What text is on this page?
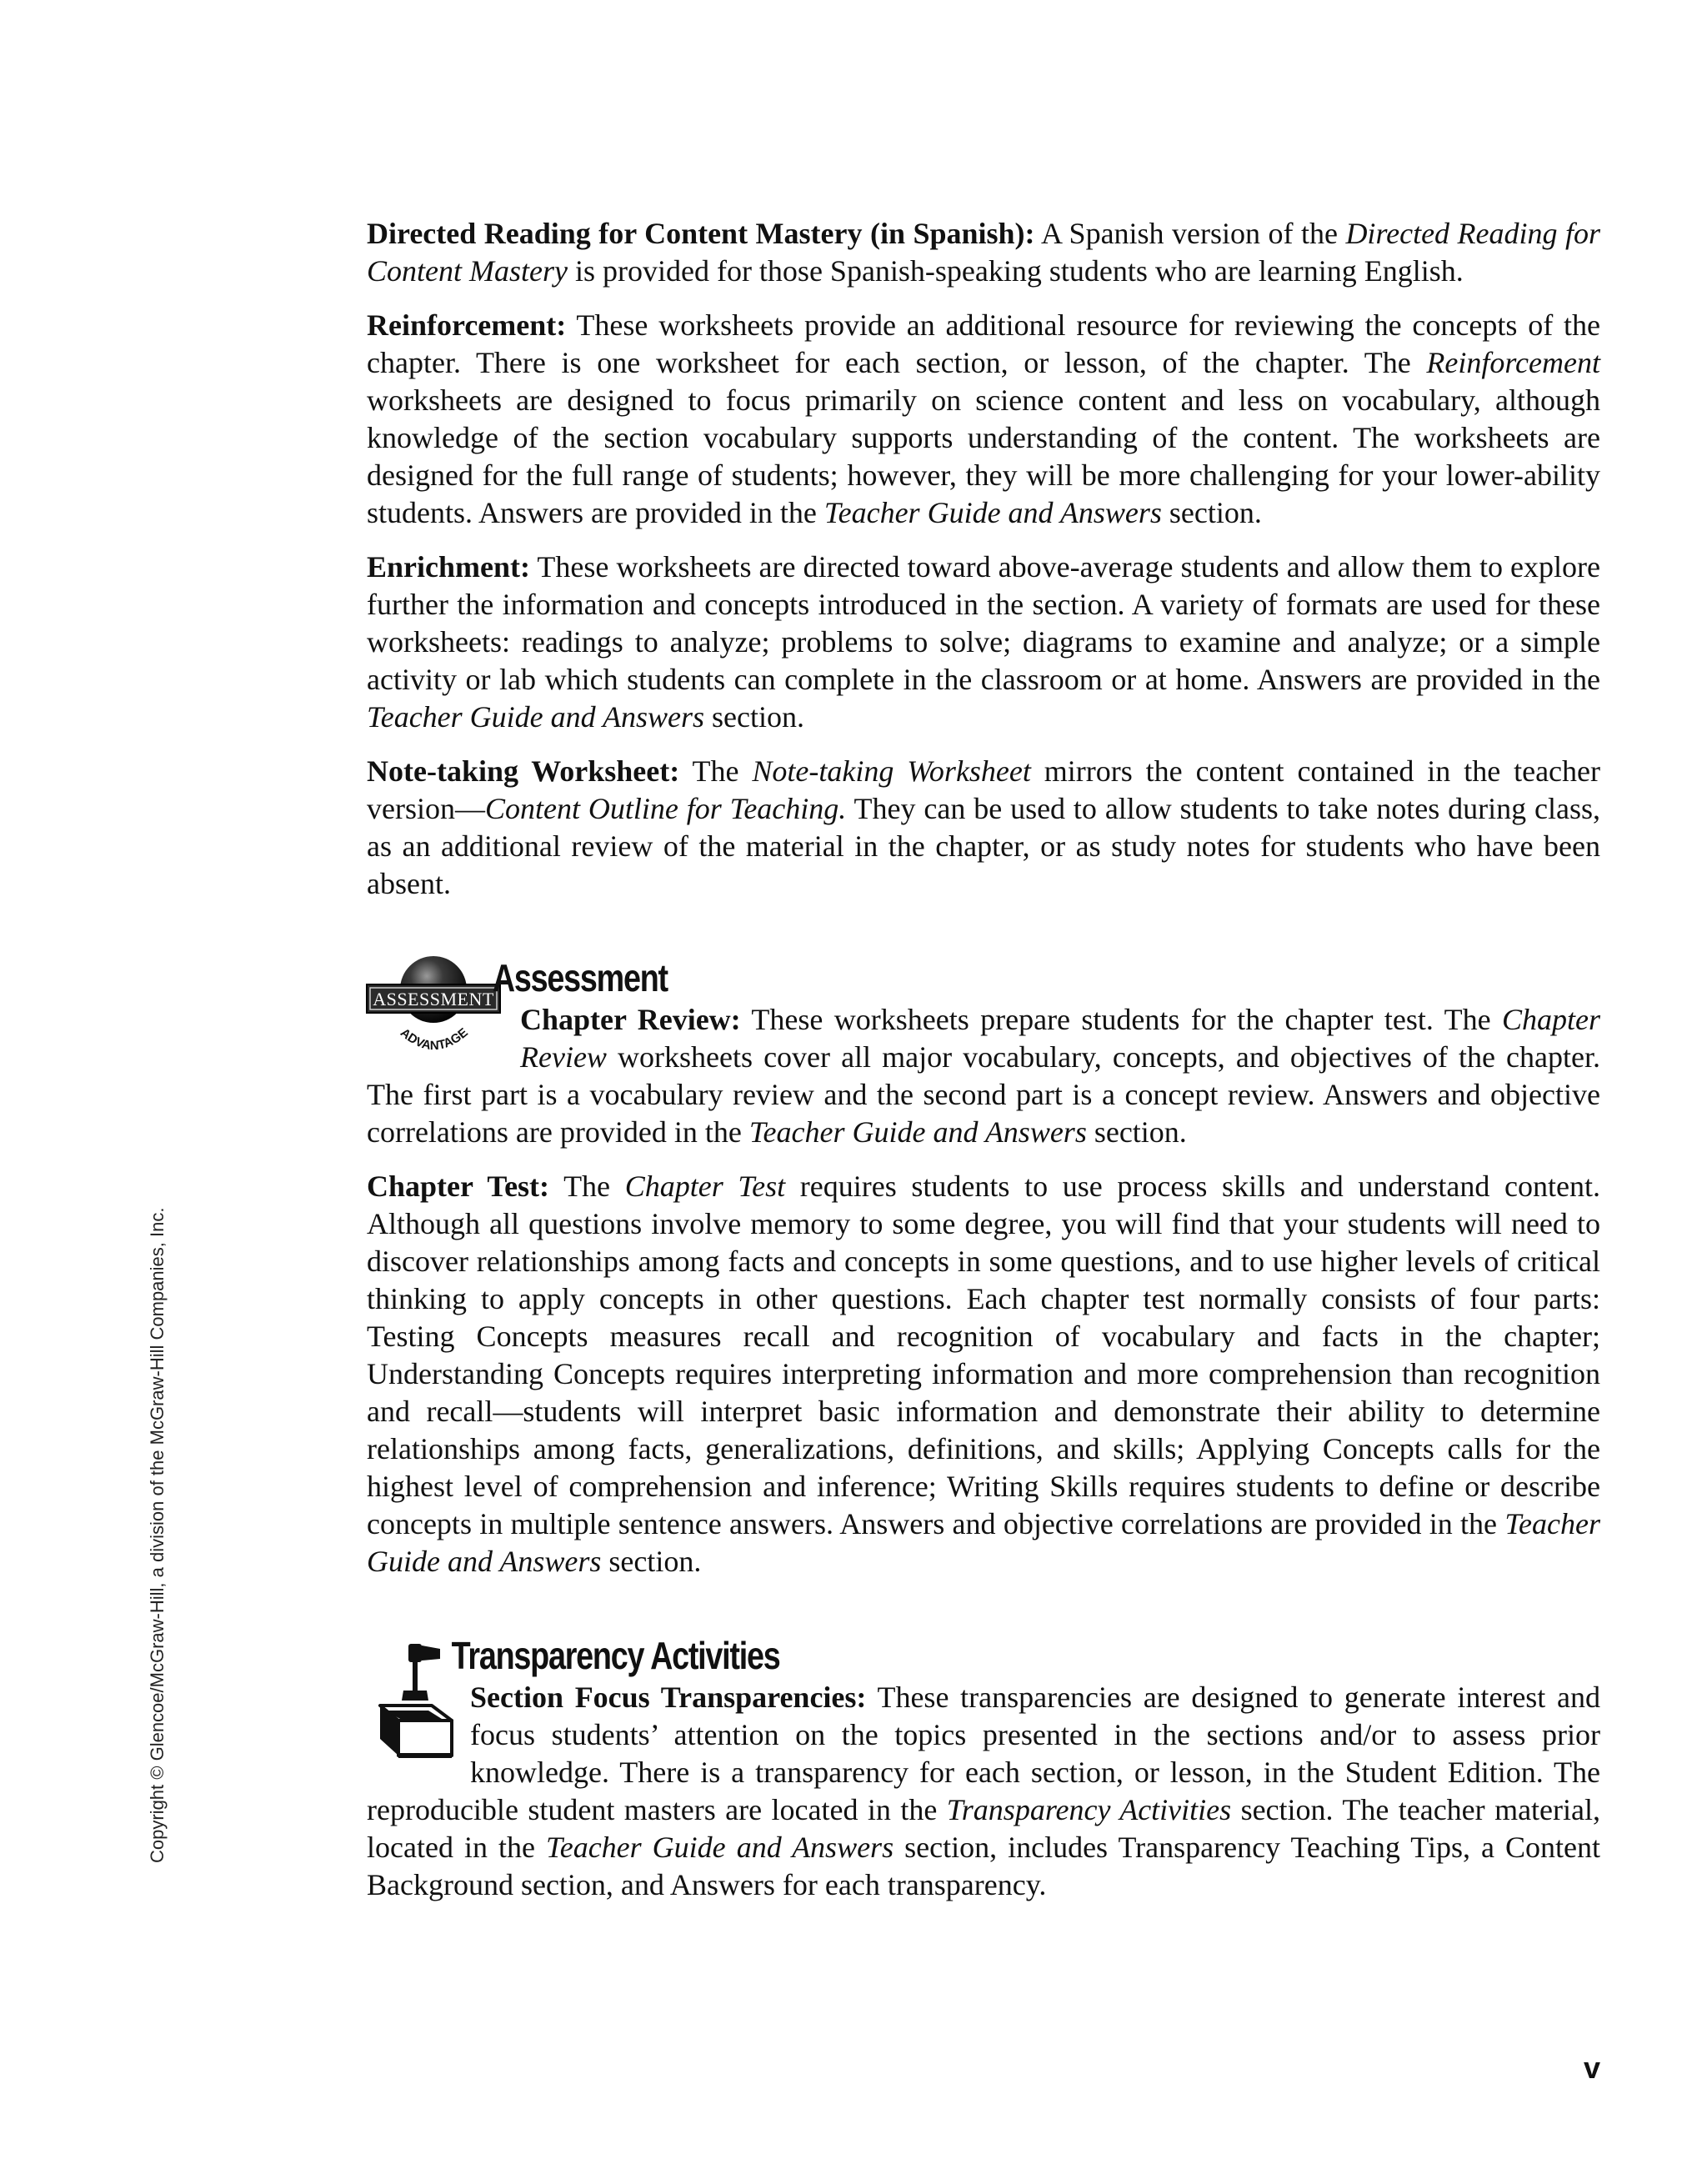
Directed Reading for Content Mastery (in Spanish): A Spanish version of the Directed Reading for Content Mastery is provided for those Spanish-speaking students who are learning English.

Reinforcement: These worksheets provide an additional resource for reviewing the concepts of the chapter. There is one worksheet for each section, or lesson, of the chapter. The Reinforcement worksheets are designed to focus primarily on science content and less on vocabulary, although knowledge of the section vocabulary supports understanding of the content. The worksheets are designed for the full range of students; however, they will be more challenging for your lower-ability students. Answers are provided in the Teacher Guide and Answers section.

Enrichment: These worksheets are directed toward above-average students and allow them to explore further the information and concepts introduced in the section. A variety of formats are used for these worksheets: readings to analyze; problems to solve; diagrams to examine and analyze; or a simple activity or lab which students can complete in the classroom or at home. Answers are provided in the Teacher Guide and Answers section.

Note-taking Worksheet: The Note-taking Worksheet mirrors the content contained in the teacher version—Content Outline for Teaching. They can be used to allow students to take notes during class, as an additional review of the material in the chapter, or as study notes for students who have been absent.

ASSESSMENT
ADVANTAGE
Assessment

Chapter Review: These worksheets prepare students for the chapter test. The Chapter Review worksheets cover all major vocabulary, concepts, and objectives of the chapter. The first part is a vocabulary review and the second part is a concept review. Answers and objective correlations are provided in the Teacher Guide and Answers section.

Chapter Test: The Chapter Test requires students to use process skills and understand content. Although all questions involve memory to some degree, you will find that your students will need to discover relationships among facts and concepts in some questions, and to use higher levels of critical thinking to apply concepts in other questions. Each chapter test normally consists of four parts: Testing Concepts measures recall and recognition of vocabulary and facts in the chapter; Understanding Concepts requires interpreting information and more comprehension than recognition and recall—students will interpret basic information and demonstrate their ability to determine relationships among facts, generalizations, definitions, and skills; Applying Concepts calls for the highest level of comprehension and inference; Writing Skills requires students to define or describe concepts in multiple sentence answers. Answers and objective correlations are provided in the Teacher Guide and Answers section.

Transparency Activities

Section Focus Transparencies: These transparencies are designed to generate interest and focus students’ attention on the topics presented in the sections and/or to assess prior knowledge. There is a transparency for each section, or lesson, in the Student Edition. The reproducible student masters are located in the Transparency Activities section. The teacher material, located in the Teacher Guide and Answers section, includes Transparency Teaching Tips, a Content Background section, and Answers for each transparency.

Copyright © Glencoe/McGraw-Hill, a division of the McGraw-Hill Companies, Inc.
v
